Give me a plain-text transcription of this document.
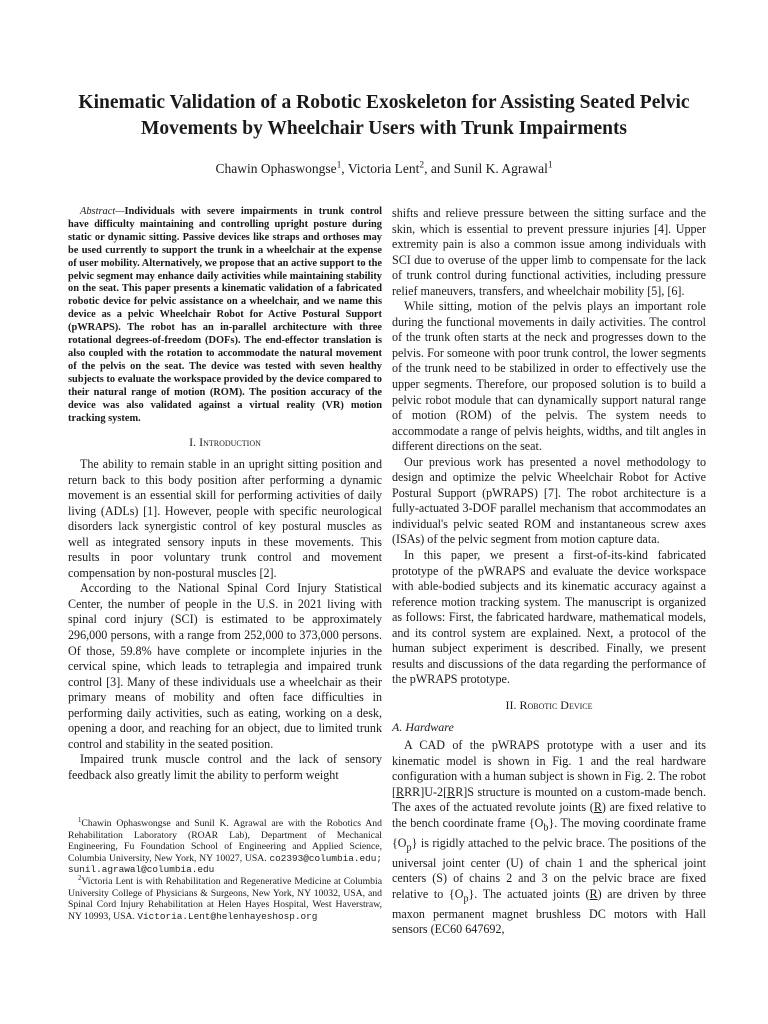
Kinematic Validation of a Robotic Exoskeleton for Assisting Seated Pelvic Movements by Wheelchair Users with Trunk Impairments
Chawin Ophaswongse$^1$, Victoria Lent$^2$, and Sunil K. Agrawal$^1$

Abstract—Individuals with severe impairments in trunk control have difficulty maintaining and controlling upright posture during static or dynamic sitting. Passive devices like straps and orthoses may be used currently to support the trunk in a wheelchair at the expense of user mobility. Alternatively, we propose that an active support to the pelvic segment may enhance daily activities while maintaining stability on the seat. This paper presents a kinematic validation of a fabricated robotic device for pelvic assistance on a wheelchair, and we name this device as a pelvic Wheelchair Robot for Active Postural Support (pWRAPS). The robot has an in-parallel architecture with three rotational degrees-of-freedom (DOFs). The end-effector translation is also coupled with the rotation to accommodate the natural movement of the pelvis on the seat. The device was tested with seven healthy subjects to evaluate the workspace provided by the device compared to their natural range of motion (ROM). The position accuracy of the device was also validated against a virtual reality (VR) motion tracking system.

I. Introduction

The ability to remain stable in an upright sitting position and return back to this body position after performing a dynamic movement is an essential skill for performing activities of daily living (ADLs) [1]. However, people with specific neurological disorders lack synergistic control of key postural muscles as well as integrated sensory inputs in these movements. This results in poor voluntary trunk control and movement compensation by non-postural muscles [2].

According to the National Spinal Cord Injury Statistical Center, the number of people in the U.S. in 2021 living with spinal cord injury (SCI) is estimated to be approximately 296,000 persons, with a range from 252,000 to 373,000 persons. Of those, 59.8% have complete or incomplete injuries in the cervical spine, which leads to tetraplegia and impaired trunk control [3]. Many of these individuals use a wheelchair as their primary means of mobility and often face difficulties in performing daily activities, such as eating, working on a desk, opening a door, and reaching for an object, due to limited trunk control and stability in the seated position.

Impaired trunk muscle control and the lack of sensory feedback also greatly limit the ability to perform weight

$^1$Chawin Ophaswongse and Sunil K. Agrawal are with the Robotics And Rehabilitation Laboratory (ROAR Lab), Department of Mechanical Engineering, Fu Foundation School of Engineering and Applied Science, Columbia University, New York, NY 10027, USA. co2393@columbia.edu; sunil.agrawal@columbia.edu

$^2$Victoria Lent is with Rehabilitation and Regenerative Medicine at Columbia University College of Physicians & Surgeons, New York, NY 10032, USA, and Spinal Cord Injury Rehabilitation at Helen Hayes Hospital, West Haverstraw, NY 10993, USA. Victoria.Lent@helenhayeshosp.org

shifts and relieve pressure between the sitting surface and the skin, which is essential to prevent pressure injuries [4]. Upper extremity pain is also a common issue among individuals with SCI due to overuse of the upper limb to compensate for the lack of trunk control during functional activities, including pressure relief maneuvers, transfers, and wheelchair mobility [5], [6].

While sitting, motion of the pelvis plays an important role during the functional movements in daily activities. The control of the trunk often starts at the neck and progresses down to the pelvis. For someone with poor trunk control, the lower segments of the trunk need to be stabilized in order to effectively use the upper segments. Therefore, our proposed solution is to build a pelvic robot module that can dynamically support natural range of motion (ROM) of the pelvis. The system needs to accommodate a range of pelvis heights, widths, and tilt angles in different directions on the seat.

Our previous work has presented a novel methodology to design and optimize the pelvic Wheelchair Robot for Active Postural Support (pWRAPS) [7]. The robot architecture is a fully-actuated 3-DOF parallel mechanism that accommodates an individual's pelvic seated ROM and instantaneous screw axes (ISAs) of the pelvic segment from motion capture data.

In this paper, we present a first-of-its-kind fabricated prototype of the pWRAPS and evaluate the device workspace with able-bodied subjects and its kinematic accuracy against a reference motion tracking system. The manuscript is organized as follows: First, the fabricated hardware, mathematical models, and its control system are explained. Next, a protocol of the human subject experiment is described. Finally, we present results and discussions of the data regarding the performance of the pWRAPS prototype.

II. Robotic Device
A. Hardware

A CAD of the pWRAPS prototype with a user and its kinematic model is shown in Fig. 1 and the real hardware configuration with a human subject is shown in Fig. 2. The robot [RRR]U-2[RR]S structure is mounted on a custom-made bench. The axes of the actuated revolute joints (R) are fixed relative to the bench coordinate frame $\{O_b\}$. The moving coordinate frame $\{O_p\}$ is rigidly attached to the pelvic brace. The positions of the universal joint center (U) of chain 1 and the spherical joint centers (S) of chains 2 and 3 on the pelvic brace are fixed relative to $\{O_p\}$. The actuated joints (R) are driven by three maxon permanent magnet brushless DC motors with Hall sensors (EC60 647692,
